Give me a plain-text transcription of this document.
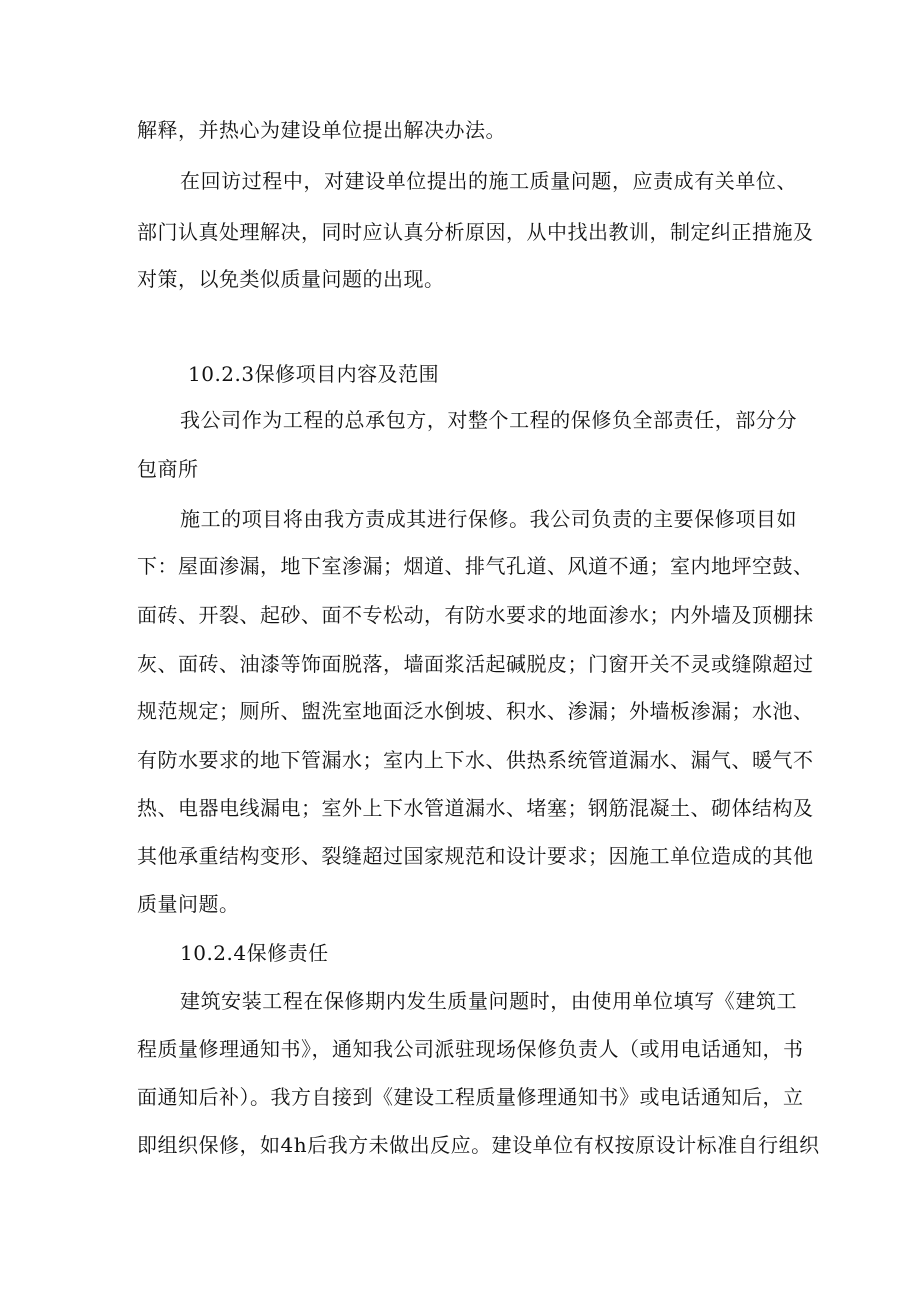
解释，并热心为建设单位提出解决办法。
在回访过程中，对建设单位提出的施工质量问题，应责成有关单位、
部门认真处理解决，同时应认真分析原因，从中找出教训，制定纠正措施及
对策，以免类似质量问题的出现。
10.2.3保修项目内容及范围
我公司作为工程的总承包方，对整个工程的保修负全部责任，部分分
包商所
施工的项目将由我方责成其进行保修。我公司负责的主要保修项目如
下：屋面渗漏，地下室渗漏；烟道、排气孔道、风道不通；室内地坪空鼓、
面砖、开裂、起砂、面不专松动，有防水要求的地面渗水；内外墙及顶棚抹
灰、面砖、油漆等饰面脱落，墙面浆活起碱脱皮；门窗开关不灵或缝隙超过
规范规定；厕所、盥洗室地面泛水倒坡、积水、渗漏；外墙板渗漏；水池、
有防水要求的地下管漏水；室内上下水、供热系统管道漏水、漏气、暖气不
热、电器电线漏电；室外上下水管道漏水、堵塞；钢筋混凝土、砌体结构及
其他承重结构变形、裂缝超过国家规范和设计要求；因施工单位造成的其他
质量问题。
10.2.4保修责任
建筑安装工程在保修期内发生质量问题时，由使用单位填写《建筑工
程质量修理通知书》，通知我公司派驻现场保修负责人（或用电话通知，书
面通知后补）。我方自接到《建设工程质量修理通知书》或电话通知后，立
即组织保修，如4h后我方未做出反应。建设单位有权按原设计标准自行组织
